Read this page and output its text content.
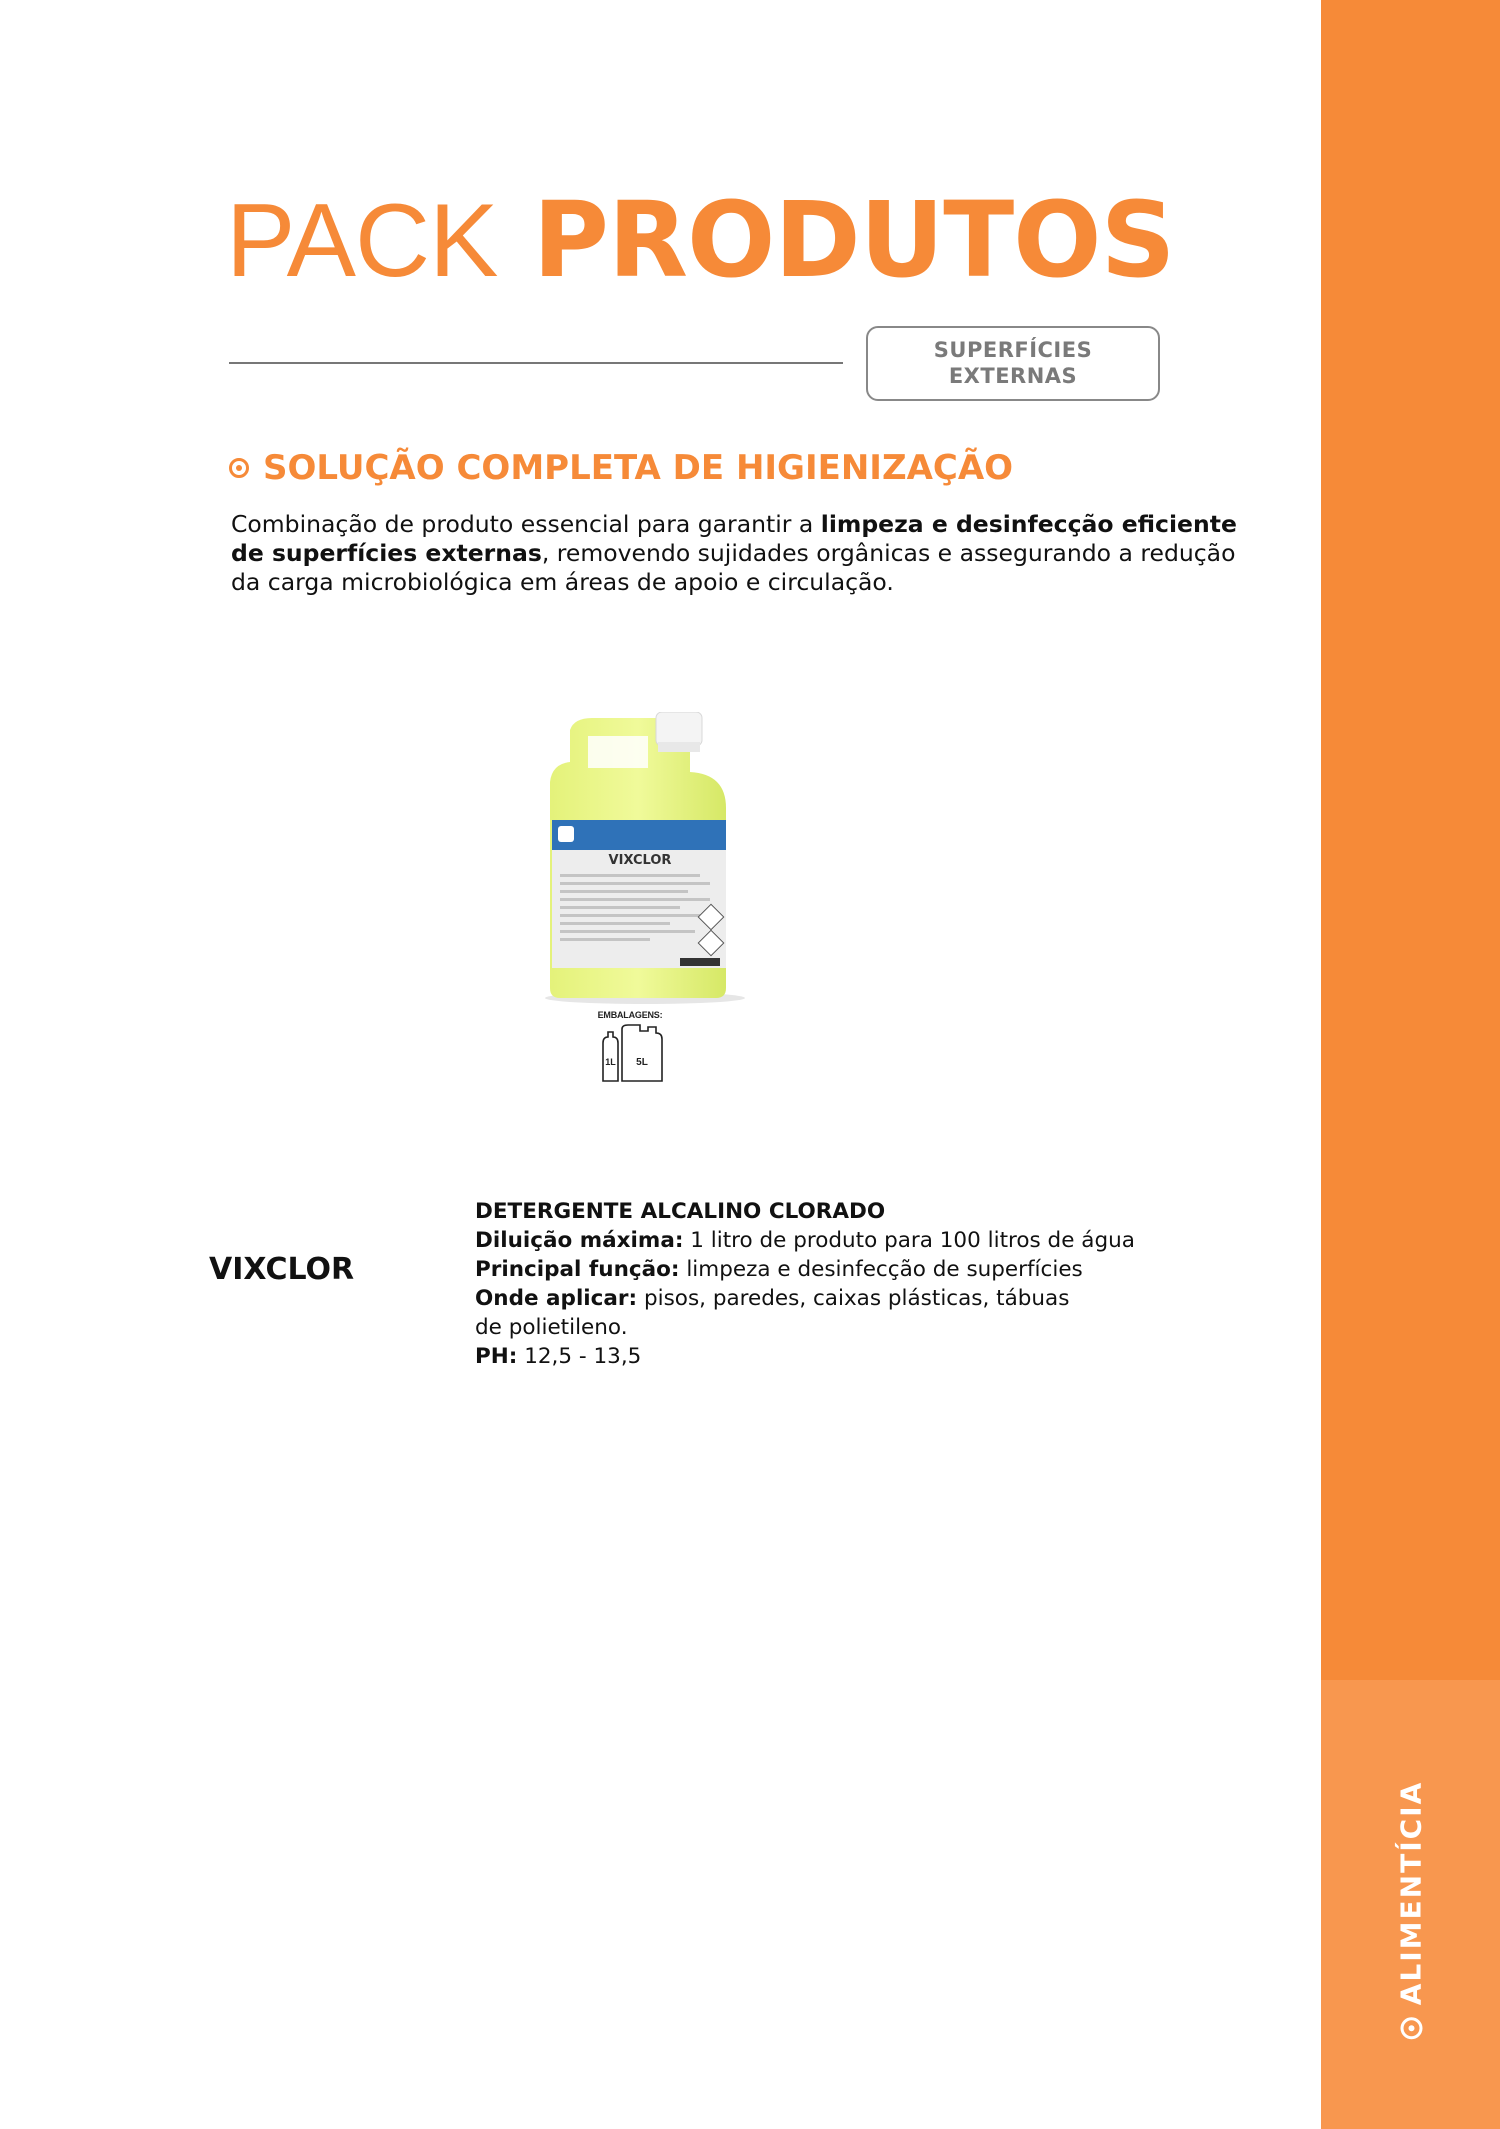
ALIMENTÍCIA
PACK PRODUTOS
SUPERFÍCIES
EXTERNAS
SOLUÇÃO COMPLETA DE HIGIENIZAÇÃO

Combinação de produto essencial para garantir a limpeza e desinfecção eficiente de superfícies externas, removendo sujidades orgânicas e assegurando a redução da carga microbiológica em áreas de apoio e circulação.

VIXCLOR
EMBALAGENS:
1L 5L
VIXCLOR

DETERGENTE ALCALINO CLORADO

Diluição máxima: 1 litro de produto para 100 litros de água

Principal função: limpeza e desinfecção de superfícies

Onde aplicar: pisos, paredes, caixas plásticas, tábuas

de polietileno.

PH: 12,5 - 13,5
